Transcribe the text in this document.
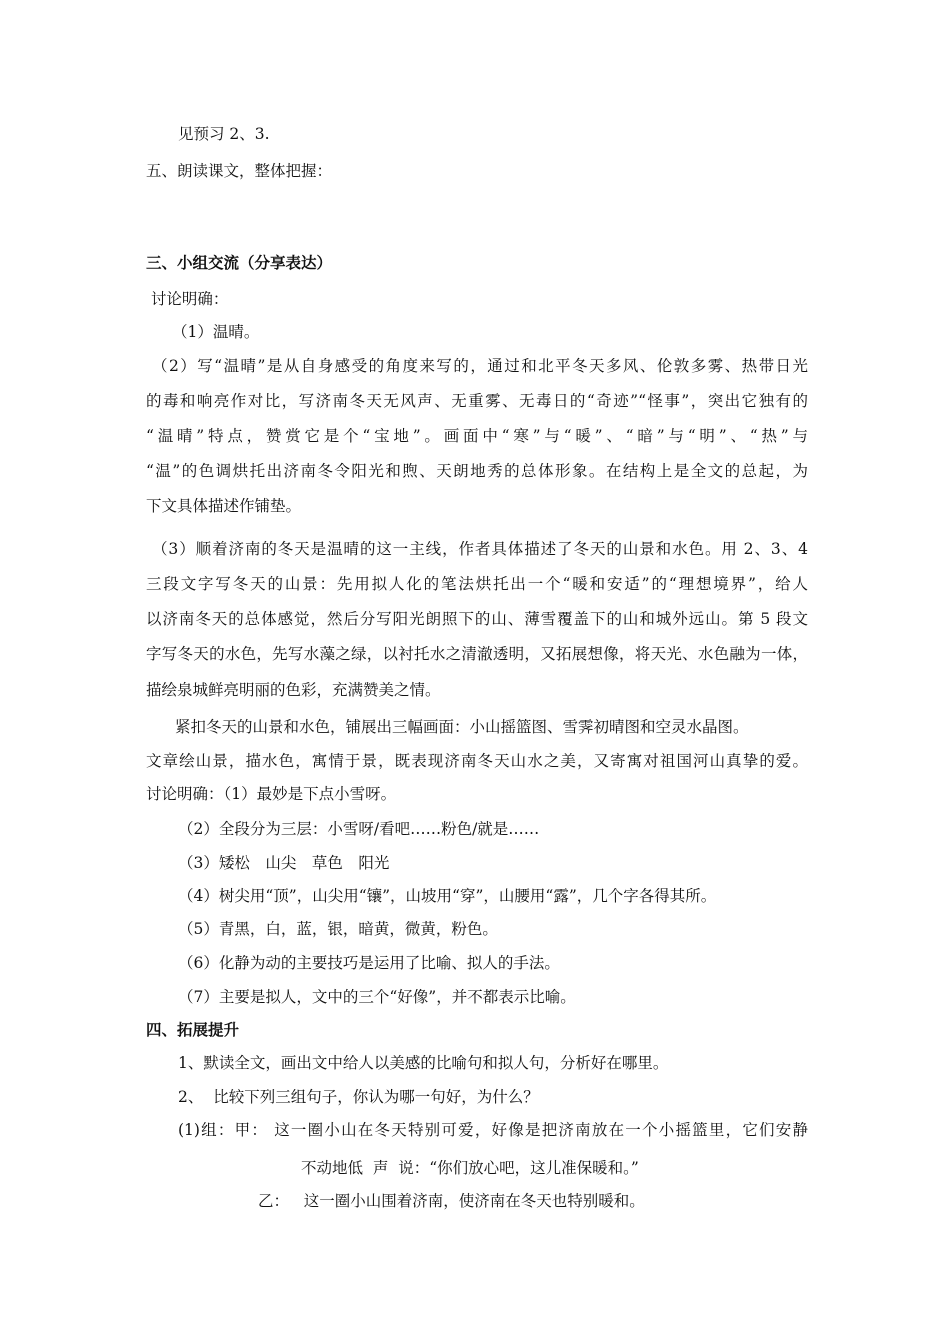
见预习 2、3.
五、朗读课文，整体把握：
三、小组交流（分享表达）
讨论明确：
（1）温晴。
（2）写“温晴”是从自身感受的角度来写的，通过和北平冬天多风、伦敦多雾、热带日光
的毒和响亮作对比，写济南冬天无风声、无重雾、无毒日的“奇迹”“怪事”，突出它独有的
“温晴”特点，赞赏它是个“宝地”。画面中“寒”与“暖”、“暗”与“明”、“热”与
“温”的色调烘托出济南冬令阳光和煦、天朗地秀的总体形象。在结构上是全文的总起，为
下文具体描述作铺垫。
（3）顺着济南的冬天是温晴的这一主线，作者具体描述了冬天的山景和水色。用 2、3、4
三段文字写冬天的山景：先用拟人化的笔法烘托出一个“暖和安适”的“理想境界”，给人
以济南冬天的总体感觉，然后分写阳光朗照下的山、薄雪覆盖下的山和城外远山。第 5 段文
字写冬天的水色，先写水藻之绿，以衬托水之清澈透明，又拓展想像，将天光、水色融为一体，
描绘泉城鲜亮明丽的色彩，充满赞美之情。
紧扣冬天的山景和水色，铺展出三幅画面：小山摇篮图、雪霁初晴图和空灵水晶图。
文章绘山景，描水色，寓情于景，既表现济南冬天山水之美，又寄寓对祖国河山真挚的爱。
讨论明确：（1）最妙是下点小雪呀。
（2）全段分为三层：小雪呀/看吧……粉色/就是……
（3）矮松　山尖　草色　阳光
（4）树尖用“顶”，山尖用“镶”，山坡用“穿”，山腰用“露”，几个字各得其所。
（5）青黑，白，蓝，银，暗黄，微黄，粉色。
（6）化静为动的主要技巧是运用了比喻、拟人的手法。
（7）主要是拟人，文中的三个“好像”，并不都表示比喻。
四、拓展提升
1、默读全文，画出文中给人以美感的比喻句和拟人句，分析好在哪里。
2、  比较下列三组句子，你认为哪一句好，为什么？
(1)组：甲： 这一圈小山在冬天特别可爱，好像是把济南放在一个小摇篮里，它们安静
不动地低  声  说：“你们放心吧，这儿准保暖和。”
乙：   这一圈小山围着济南，使济南在冬天也特别暖和。
